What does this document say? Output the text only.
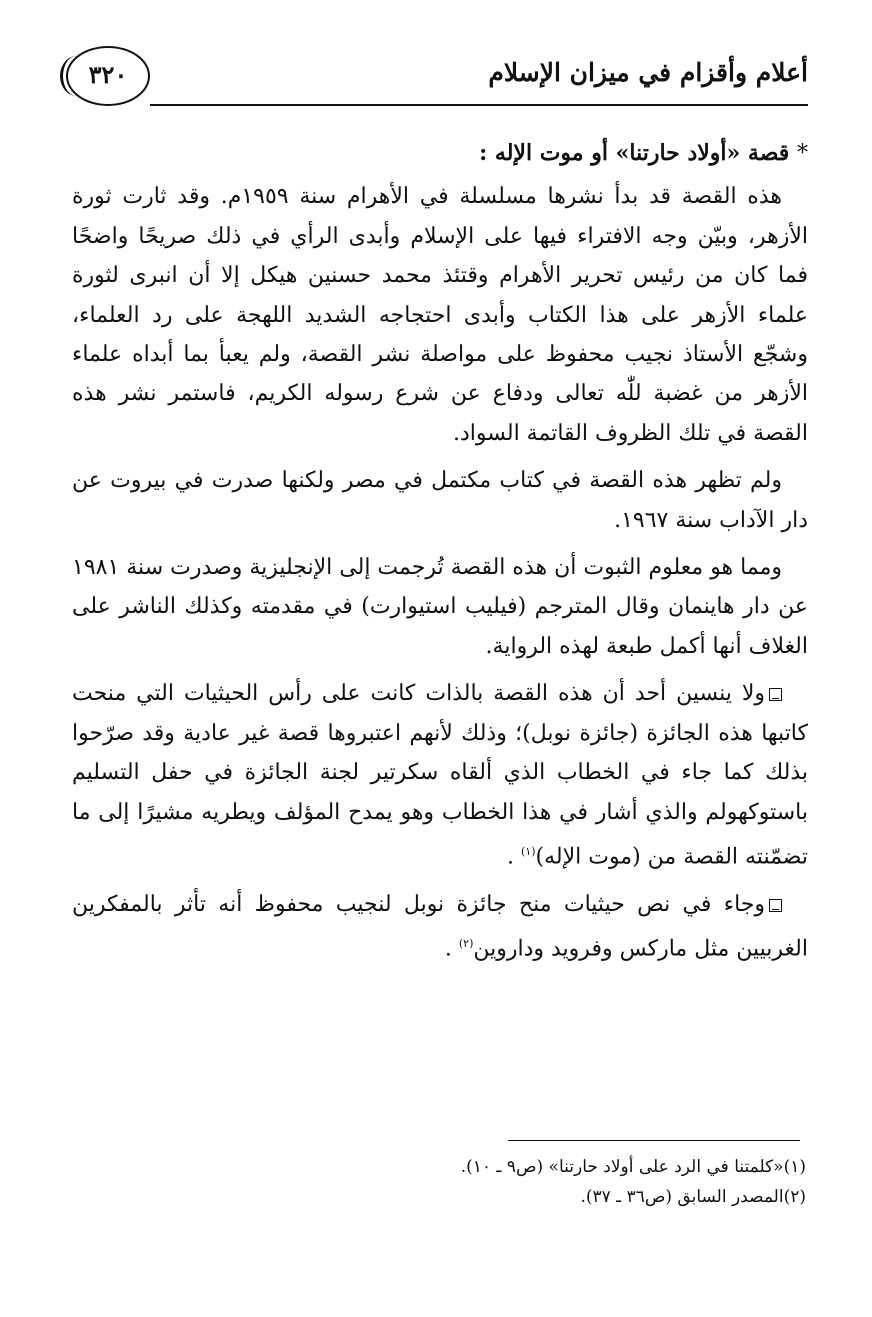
٣٢٠	أعلام وأقزام في ميزان الإسلام

* قصة «أولاد حارتنا» أو موت الإله :

هذه القصة قد بدأ نشرها مسلسلة في الأهرام سنة ١٩٥٩م. وقد ثارت ثورة الأزهر، وبيّن وجه الافتراء فيها على الإسلام وأبدى الرأي في ذلك صريحًا واضحًا فما كان من رئيس تحرير الأهرام وقتئذ محمد حسنين هيكل إلا أن انبرى لثورة علماء الأزهر على هذا الكتاب وأبدى احتجاجه الشديد اللهجة على رد العلماء، وشجّع الأستاذ نجيب محفوظ على مواصلة نشر القصة، ولم يعبأ بما أبداه علماء الأزهر من غضبة للّٰه تعالى ودفاع عن شرع رسوله الكريم، فاستمر نشر هذه القصة في تلك الظروف القاتمة السواد.

ولم تظهر هذه القصة في كتاب مكتمل في مصر ولكنها صدرت في بيروت عن دار الآداب سنة ١٩٦٧.

ومما هو معلوم الثبوت أن هذه القصة تُرجمت إلى الإنجليزية وصدرت سنة ١٩٨١ عن دار هاينمان وقال المترجم (فيليب استيوارت) في مقدمته وكذلك الناشر على الغلاف أنها أكمل طبعة لهذه الرواية.

ولا ينسين أحد أن هذه القصة بالذات كانت على رأس الحيثيات التي منحت كاتبها هذه الجائزة (جائزة نوبل)؛ وذلك لأنهم اعتبروها قصة غير عادية وقد صرّحوا بذلك كما جاء في الخطاب الذي ألقاه سكرتير لجنة الجائزة في حفل التسليم باستوكهولم والذي أشار في هذا الخطاب وهو يمدح المؤلف ويطريه مشيرًا إلى ما تضمّنته القصة من (موت الإله)$^{(١)}$ .

وجاء في نص حيثيات منح جائزة نوبل لنجيب محفوظ أنه تأثر بالمفكرين الغربيين مثل ماركس وفرويد وداروين$^{(٢)}$ .

(١)«كلمتنا في الرد على أولاد حارتنا» (ص٩ ـ ١٠).
(٢)المصدر السابق (ص٣٦ ـ ٣٧).
